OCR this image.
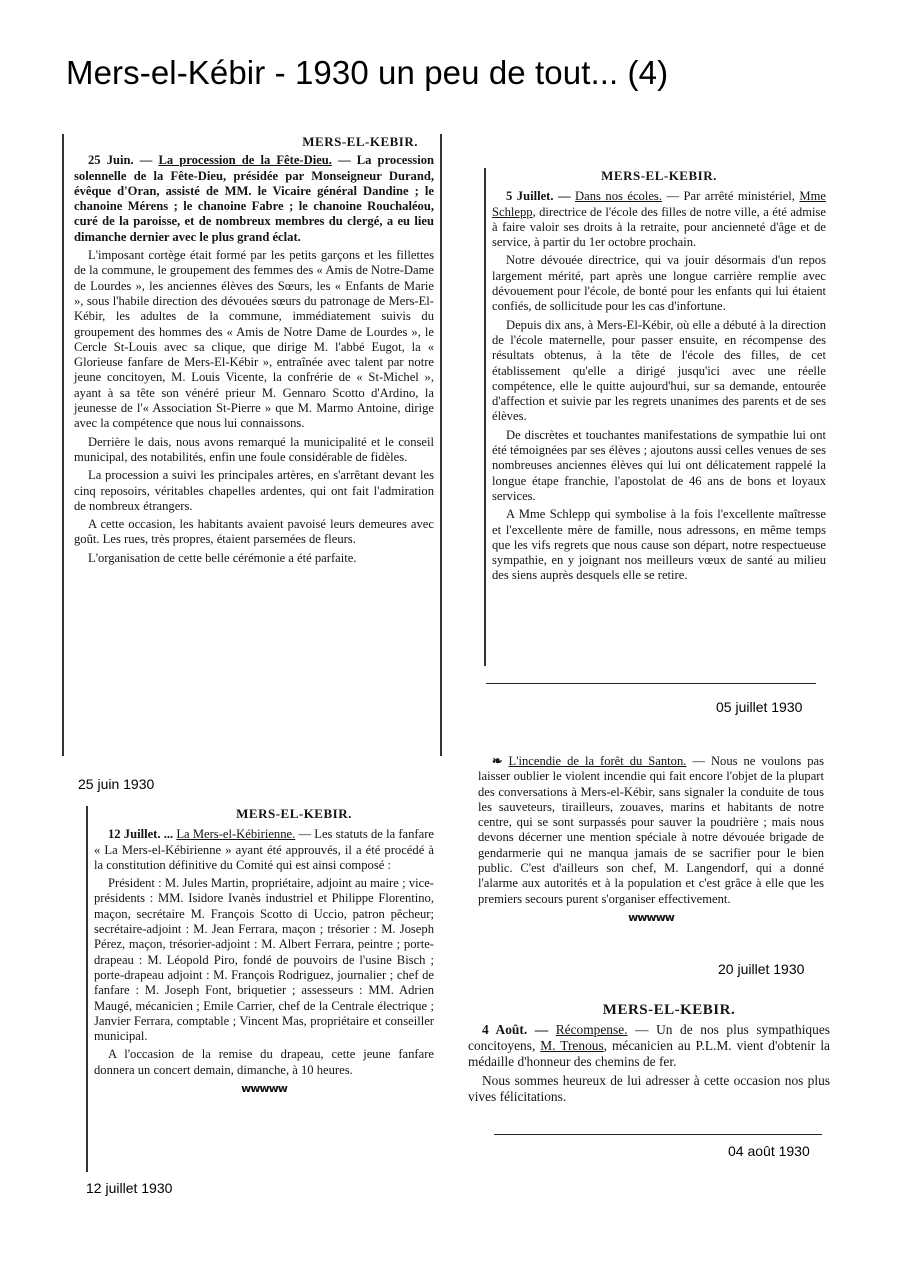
Mers-el-Kébir - 1930 un peu de tout... (4)
MERS-EL-KEBIR.

25 Juin. — La procession de la Fête-Dieu. — La procession solennelle de la Fête-Dieu, présidée par Monseigneur Durand, évêque d'Oran, assisté de MM. le Vicaire général Dandine ; le chanoine Mérens ; le chanoine Fabre ; le chanoine Rouchaléou, curé de la paroisse, et de nombreux membres du clergé, a eu lieu dimanche dernier avec le plus grand éclat.

L'imposant cortège était formé par les petits garçons et les fillettes de la commune, le groupement des femmes des « Amis de Notre-Dame de Lourdes », les anciennes élèves des Sœurs, les « Enfants de Marie », sous l'habile direction des dévouées sœurs du patronage de Mers-El-Kébir, les adultes de la commune, immédiatement suivis du groupement des hommes des « Amis de Notre Dame de Lourdes », le Cercle St-Louis avec sa clique, que dirige M. l'abbé Eugot, la « Glorieuse fanfare de Mers-El-Kébir », entraînée avec talent par notre jeune concitoyen, M. Louis Vicente, la confrérie de « St-Michel », ayant à sa tête son vénéré prieur M. Gennaro Scotto d'Ardino, la jeunesse de l'« Association St-Pierre » que M. Marmo Antoine, dirige avec la compétence que nous lui connaissons.

Derrière le dais, nous avons remarqué la municipalité et le conseil municipal, des notabilités, enfin une foule considérable de fidèles.

La procession a suivi les principales artères, en s'arrêtant devant les cinq reposoirs, véritables chapelles ardentes, qui ont fait l'admiration de nombreux étrangers.

A cette occasion, les habitants avaient pavoisé leurs demeures avec goût. Les rues, très propres, étaient parsemées de fleurs.

L'organisation de cette belle cérémonie a été parfaite.

25 juin 1930
MERS-EL-KEBIR.

5 Juillet. — Dans nos écoles. — Par arrêté ministériel, Mme Schlepp, directrice de l'école des filles de notre ville, a été admise à faire valoir ses droits à la retraite, pour ancienneté d'âge et de service, à partir du 1er octobre prochain.

Notre dévouée directrice, qui va jouir désormais d'un repos largement mérité, part après une longue carrière remplie avec dévouement pour l'école, de bonté pour les enfants qui lui étaient confiés, de sollicitude pour les cas d'infortune.

Depuis dix ans, à Mers-El-Kébir, où elle a débuté à la direction de l'école maternelle, pour passer ensuite, en récompense des résultats obtenus, à la tête de l'école des filles, de cet établissement qu'elle a dirigé jusqu'ici avec une réelle compétence, elle le quitte aujourd'hui, sur sa demande, entourée d'affection et suivie par les regrets unanimes des parents et de ses élèves.

De discrètes et touchantes manifestations de sympathie lui ont été témoignées par ses élèves ; ajoutons aussi celles venues de ses nombreuses anciennes élèves qui lui ont délicatement rappelé la longue étape franchie, l'apostolat de 46 ans de bons et loyaux services.

A Mme Schlepp qui symbolise à la fois l'excellente maîtresse et l'excellente mère de famille, nous adressons, en même temps que les vifs regrets que nous cause son départ, notre respectueuse sympathie, en y joignant nos meilleurs vœux de santé au milieu des siens auprès desquels elle se retire.

05 juillet 1930

❧ L'incendie de la forêt du Santon. — Nous ne voulons pas laisser oublier le violent incendie qui fait encore l'objet de la plupart des conversations à Mers-el-Kébir, sans signaler la conduite de tous les sauveteurs, tirailleurs, zouaves, marins et habitants de notre centre, qui se sont surpassés pour sauver la poudrière ; mais nous devons décerner une mention spéciale à notre dévouée brigade de gendarmerie qui ne manqua jamais de se sacrifier pour le bien public. C'est d'ailleurs son chef, M. Langendorf, qui a donné l'alarme aux autorités et à la population et c'est grâce à elle que les premiers secours purent s'organiser effectivement.

wwwww
20 juillet 1930
MERS-EL-KEBIR.

12 Juillet. ... La Mers-el-Kébirienne. — Les statuts de la fanfare « La Mers-el-Kébirienne » ayant été approuvés, il a été procédé à la constitution définitive du Comité qui est ainsi composé :

Président : M. Jules Martin, propriétaire, adjoint au maire ; vice-présidents : MM. Isidore Ivanès industriel et Philippe Florentino, maçon, secrétaire M. François Scotto di Uccio, patron pêcheur; secrétaire-adjoint : M. Jean Ferrara, maçon ; trésorier : M. Joseph Pérez, maçon, trésorier-adjoint : M. Albert Ferrara, peintre ; porte-drapeau : M. Léopold Piro, fondé de pouvoirs de l'usine Bisch ; porte-drapeau adjoint : M. François Rodriguez, journalier ; chef de fanfare : M. Joseph Font, briquetier ; assesseurs : MM. Adrien Maugé, mécanicien ; Emile Carrier, chef de la Centrale électrique ; Janvier Ferrara, comptable ; Vincent Mas, propriétaire et conseiller municipal.

A l'occasion de la remise du drapeau, cette jeune fanfare donnera un concert demain, dimanche, à 10 heures.

wwwww
12 juillet 1930
MERS-EL-KEBIR.

4 Août. — Récompense. — Un de nos plus sympathiques concitoyens, M. Trenous, mécanicien au P.L.M. vient d'obtenir la médaille d'honneur des chemins de fer.

Nous sommes heureux de lui adresser à cette occasion nos plus vives félicitations.

04 août 1930
